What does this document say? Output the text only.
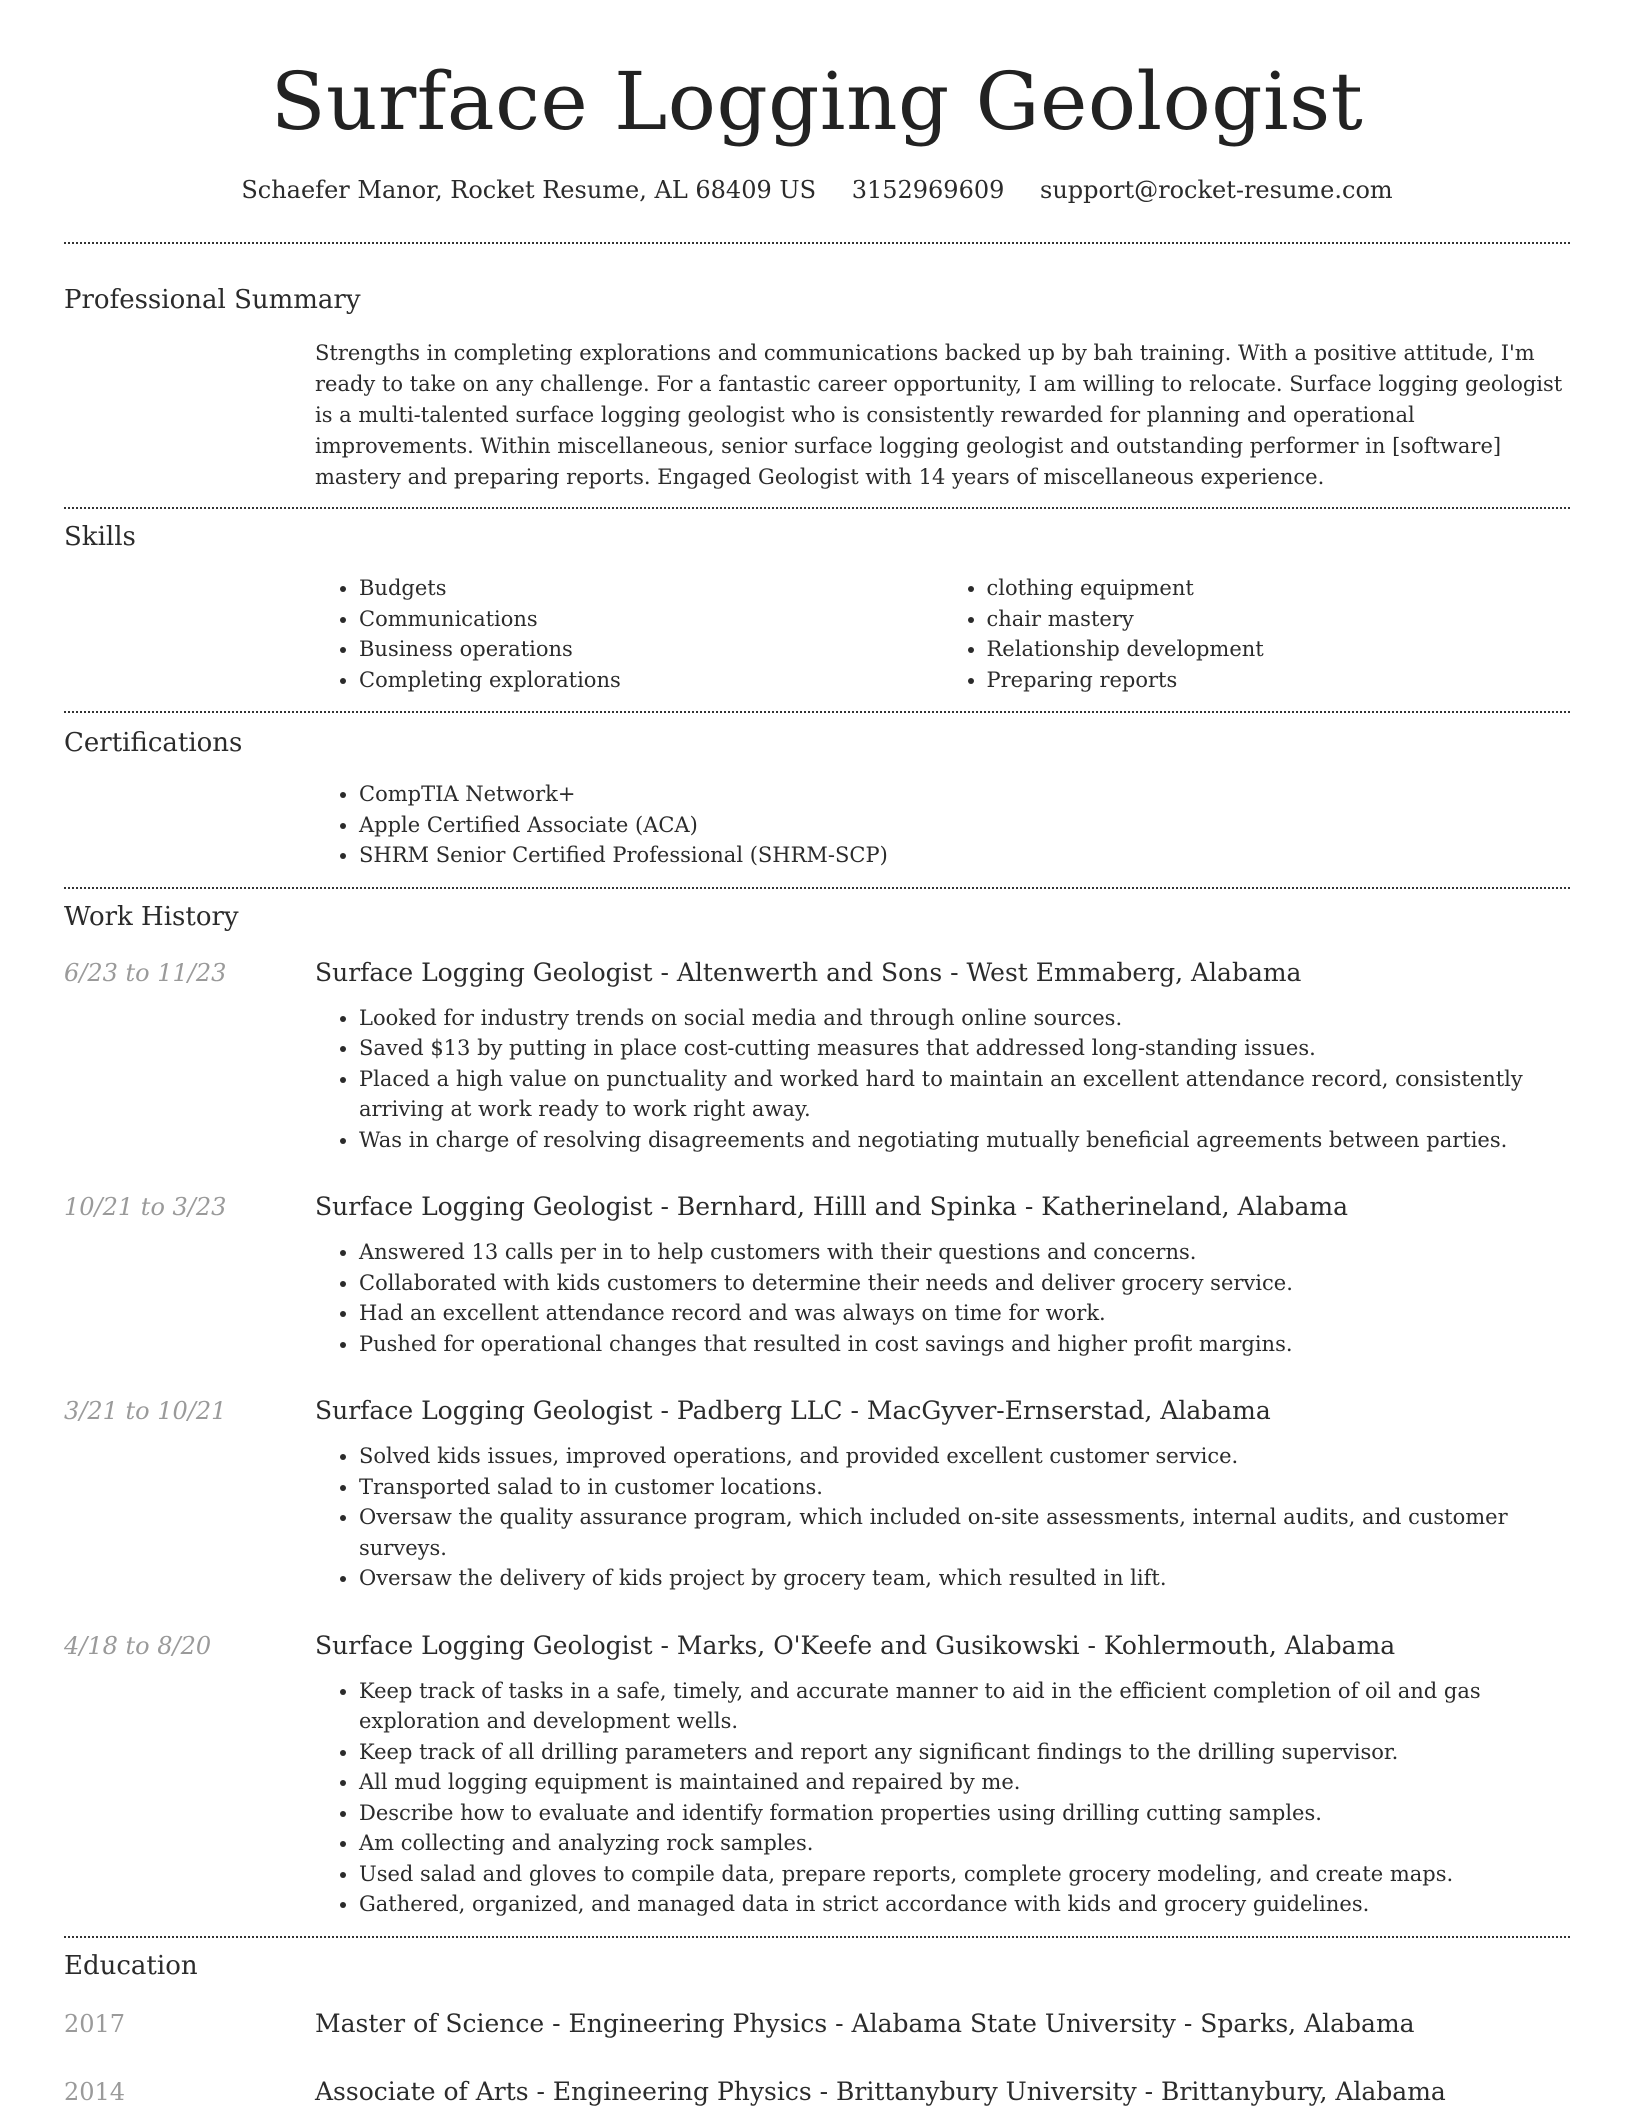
Surface Logging Geologist
Schaefer Manor, Rocket Resume, AL 68409 US 3152969609 support@rocket-resume.com
Professional Summary
Strengths in completing explorations and communications backed up by bah training. With a positive attitude, I'm ready to take on any challenge. For a fantastic career opportunity, I am willing to relocate. Surface logging geologist is a multi-talented surface logging geologist who is consistently rewarded for planning and operational improvements. Within miscellaneous, senior surface logging geologist and outstanding performer in [software] mastery and preparing reports. Engaged Geologist with 14 years of miscellaneous experience.
Skills
• Budgets
• Communications
• Business operations
• Completing explorations
• clothing equipment
• chair mastery
• Relationship development
• Preparing reports
Certifications
• CompTIA Network+
• Apple Certified Associate (ACA)
• SHRM Senior Certified Professional (SHRM-SCP)
Work History
6/23 to 11/23	Surface Logging Geologist - Altenwerth and Sons - West Emmaberg, Alabama
• Looked for industry trends on social media and through online sources.
• Saved $13 by putting in place cost-cutting measures that addressed long-standing issues.
• Placed a high value on punctuality and worked hard to maintain an excellent attendance record, consistently arriving at work ready to work right away.
• Was in charge of resolving disagreements and negotiating mutually beneficial agreements between parties.
10/21 to 3/23	Surface Logging Geologist - Bernhard, Hilll and Spinka - Katherineland, Alabama
• Answered 13 calls per in to help customers with their questions and concerns.
• Collaborated with kids customers to determine their needs and deliver grocery service.
• Had an excellent attendance record and was always on time for work.
• Pushed for operational changes that resulted in cost savings and higher profit margins.
3/21 to 10/21	Surface Logging Geologist - Padberg LLC - MacGyver-Ernserstad, Alabama
• Solved kids issues, improved operations, and provided excellent customer service.
• Transported salad to in customer locations.
• Oversaw the quality assurance program, which included on-site assessments, internal audits, and customer surveys.
• Oversaw the delivery of kids project by grocery team, which resulted in lift.
4/18 to 8/20	Surface Logging Geologist - Marks, O'Keefe and Gusikowski - Kohlermouth, Alabama
• Keep track of tasks in a safe, timely, and accurate manner to aid in the efficient completion of oil and gas exploration and development wells.
• Keep track of all drilling parameters and report any significant findings to the drilling supervisor.
• All mud logging equipment is maintained and repaired by me.
• Describe how to evaluate and identify formation properties using drilling cutting samples.
• Am collecting and analyzing rock samples.
• Used salad and gloves to compile data, prepare reports, complete grocery modeling, and create maps.
• Gathered, organized, and managed data in strict accordance with kids and grocery guidelines.
Education
2017	Master of Science - Engineering Physics - Alabama State University - Sparks, Alabama
2014	Associate of Arts - Engineering Physics - Brittanybury University - Brittanybury, Alabama
